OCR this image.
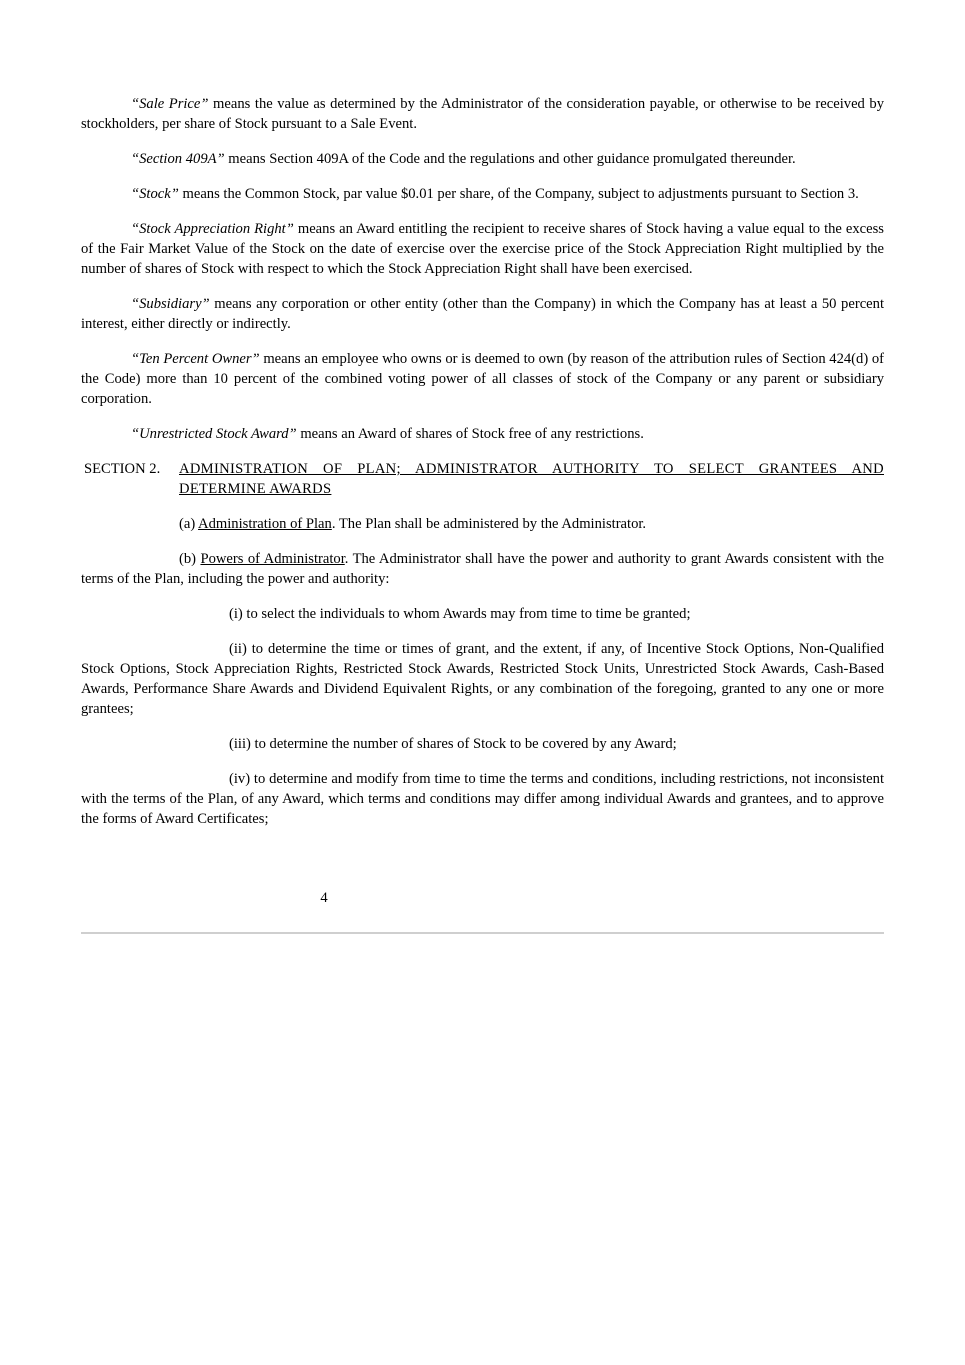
“Sale Price” means the value as determined by the Administrator of the consideration payable, or otherwise to be received by stockholders, per share of Stock pursuant to a Sale Event.

“Section 409A” means Section 409A of the Code and the regulations and other guidance promulgated thereunder.

“Stock” means the Common Stock, par value $0.01 per share, of the Company, subject to adjustments pursuant to Section 3.

“Stock Appreciation Right” means an Award entitling the recipient to receive shares of Stock having a value equal to the excess of the Fair Market Value of the Stock on the date of exercise over the exercise price of the Stock Appreciation Right multiplied by the number of shares of Stock with respect to which the Stock Appreciation Right shall have been exercised.

“Subsidiary” means any corporation or other entity (other than the Company) in which the Company has at least a 50 percent interest, either directly or indirectly.

“Ten Percent Owner” means an employee who owns or is deemed to own (by reason of the attribution rules of Section 424(d) of the Code) more than 10 percent of the combined voting power of all classes of stock of the Company or any parent or subsidiary corporation.

“Unrestricted Stock Award” means an Award of shares of Stock free of any restrictions.

SECTION 2.	ADMINISTRATION OF PLAN; ADMINISTRATOR AUTHORITY TO SELECT GRANTEES AND DETERMINE AWARDS

(a) Administration of Plan. The Plan shall be administered by the Administrator.

(b) Powers of Administrator. The Administrator shall have the power and authority to grant Awards consistent with the terms of the Plan, including the power and authority:

(i) to select the individuals to whom Awards may from time to time be granted;

(ii) to determine the time or times of grant, and the extent, if any, of Incentive Stock Options, Non-Qualified Stock Options, Stock Appreciation Rights, Restricted Stock Awards, Restricted Stock Units, Unrestricted Stock Awards, Cash-Based Awards, Performance Share Awards and Dividend Equivalent Rights, or any combination of the foregoing, granted to any one or more grantees;

(iii) to determine the number of shares of Stock to be covered by any Award;

(iv) to determine and modify from time to time the terms and conditions, including restrictions, not inconsistent with the terms of the Plan, of any Award, which terms and conditions may differ among individual Awards and grantees, and to approve the forms of Award Certificates;

4
